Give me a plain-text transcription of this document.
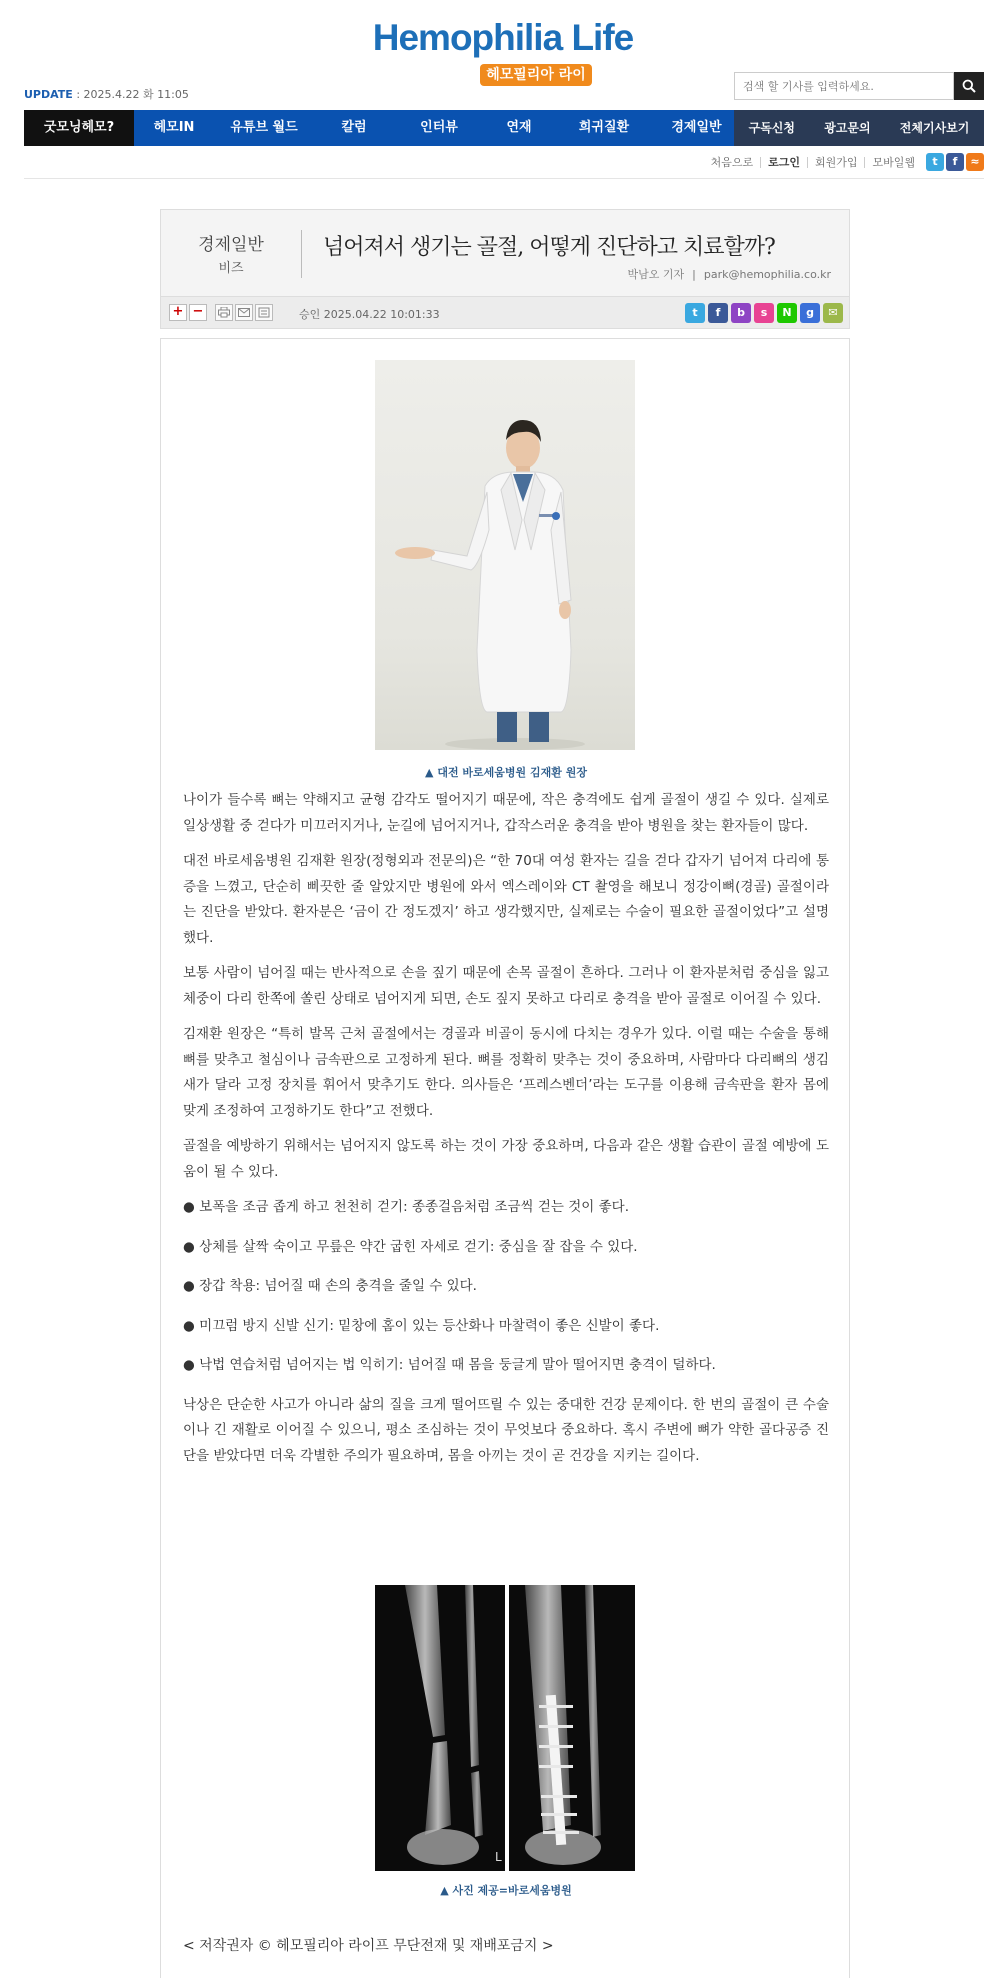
Hemophilia Life
헤모필리아 라이프
UPDATE : 2025.4.22 화 11:05
검색 할 기사를 입력하세요.
굿모닝헤모?	헤모IN	유튜브 월드	칼럼	인터뷰	연재	희귀질환	경제일반	구독신청 광고문의 전체기사보기
처음으로	로그인	회원가입	모바일웹	t	f	≈
경제일반
비즈
넘어져서 생기는 골절, 어떻게 진단하고 치료할까?
박남오 기자 | park@hemophilia.co.kr
+ −	승인 2025.04.22 10:01:33	t	f	b	s	N	g	✉
▲ 대전 바로세움병원 김재환 원장

나이가 들수록 뼈는 약해지고 균형 감각도 떨어지기 때문에, 작은 충격에도 쉽게 골절이 생길 수 있다. 실제로 일상생활 중 걷다가 미끄러지거나, 눈길에 넘어지거나, 갑작스러운 충격을 받아 병원을 찾는 환자들이 많다.

대전 바로세움병원 김재환 원장(정형외과 전문의)은 “한 70대 여성 환자는 길을 걷다 갑자기 넘어져 다리에 통증을 느꼈고, 단순히 삐끗한 줄 알았지만 병원에 와서 엑스레이와 CT 촬영을 해보니 정강이뼈(경골) 골절이라는 진단을 받았다. 환자분은 ‘금이 간 정도겠지’ 하고 생각했지만, 실제로는 수술이 필요한 골절이었다”고 설명했다.

보통 사람이 넘어질 때는 반사적으로 손을 짚기 때문에 손목 골절이 흔하다. 그러나 이 환자분처럼 중심을 잃고 체중이 다리 한쪽에 쏠린 상태로 넘어지게 되면, 손도 짚지 못하고 다리로 충격을 받아 골절로 이어질 수 있다.

김재환 원장은 “특히 발목 근처 골절에서는 경골과 비골이 동시에 다치는 경우가 있다. 이럴 때는 수술을 통해 뼈를 맞추고 철심이나 금속판으로 고정하게 된다. 뼈를 정확히 맞추는 것이 중요하며, 사람마다 다리뼈의 생김새가 달라 고정 장치를 휘어서 맞추기도 한다. 의사들은 ‘프레스벤더’라는 도구를 이용해 금속판을 환자 몸에 맞게 조정하여 고정하기도 한다”고 전했다.

골절을 예방하기 위해서는 넘어지지 않도록 하는 것이 가장 중요하며, 다음과 같은 생활 습관이 골절 예방에 도움이 될 수 있다.

● 보폭을 조금 좁게 하고 천천히 걷기: 종종걸음처럼 조금씩 걷는 것이 좋다.

● 상체를 살짝 숙이고 무릎은 약간 굽힌 자세로 걷기: 중심을 잘 잡을 수 있다.

● 장갑 착용: 넘어질 때 손의 충격을 줄일 수 있다.

● 미끄럼 방지 신발 신기: 밑창에 홈이 있는 등산화나 마찰력이 좋은 신발이 좋다.

● 낙법 연습처럼 넘어지는 법 익히기: 넘어질 때 몸을 둥글게 말아 떨어지면 충격이 덜하다.

낙상은 단순한 사고가 아니라 삶의 질을 크게 떨어뜨릴 수 있는 중대한 건강 문제이다. 한 번의 골절이 큰 수술이나 긴 재활로 이어질 수 있으니, 평소 조심하는 것이 무엇보다 중요하다. 혹시 주변에 뼈가 약한 골다공증 진단을 받았다면 더욱 각별한 주의가 필요하며, 몸을 아끼는 것이 곧 건강을 지키는 길이다.

L
▲ 사진 제공=바로세움병원
< 저작권자 © 헤모필리아 라이프 무단전재 및 재배포금지 >
